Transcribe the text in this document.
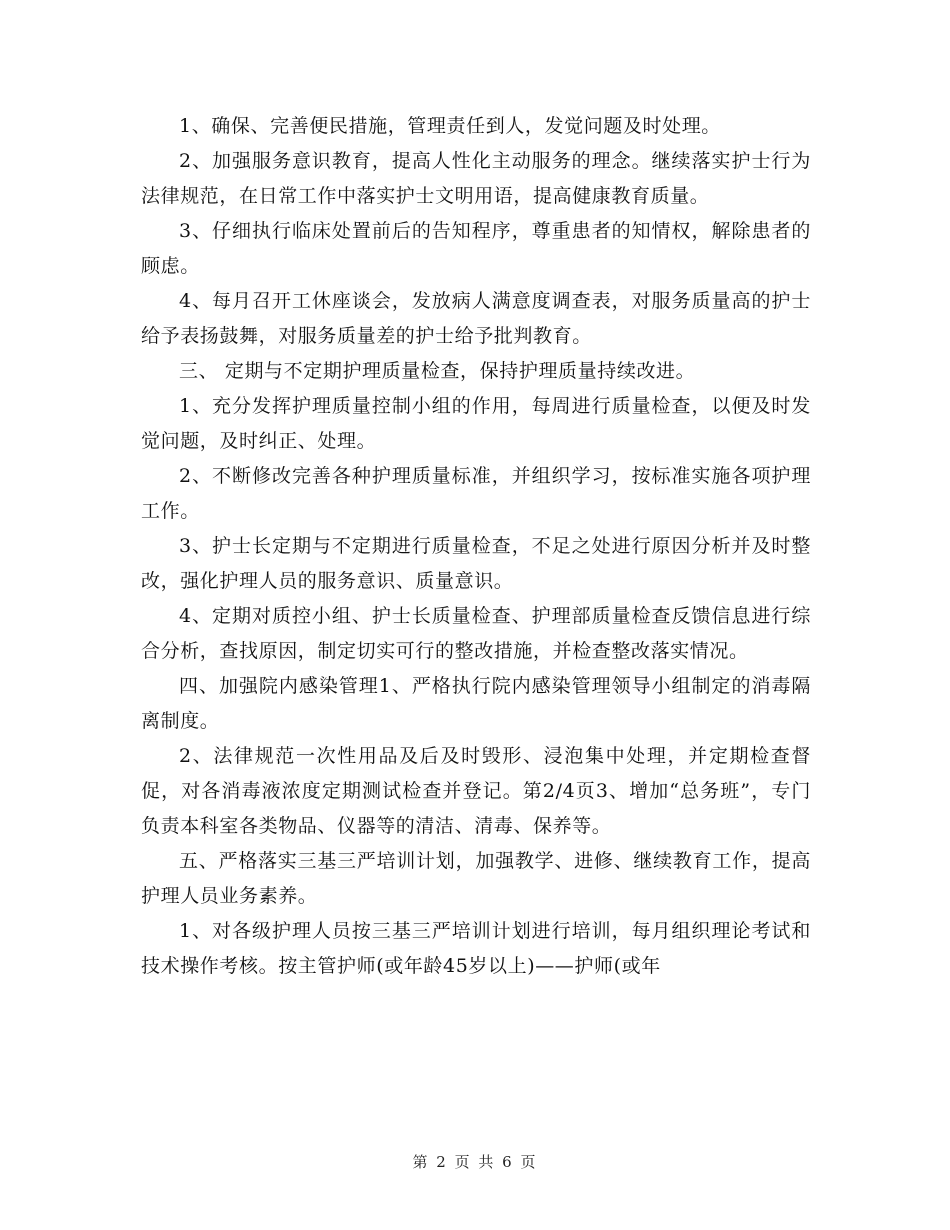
1、确保、完善便民措施，管理责任到人，发觉问题及时处理。

2、加强服务意识教育，提高人性化主动服务的理念。继续落实护士行为法律规范，在日常工作中落实护士文明用语，提高健康教育质量。

3、仔细执行临床处置前后的告知程序，尊重患者的知情权，解除患者的顾虑。

4、每月召开工休座谈会，发放病人满意度调查表，对服务质量高的护士给予表扬鼓舞，对服务质量差的护士给予批判教育。

三、 定期与不定期护理质量检查，保持护理质量持续改进。

1、充分发挥护理质量控制小组的作用，每周进行质量检查，以便及时发觉问题，及时纠正、处理。

2、不断修改完善各种护理质量标准，并组织学习，按标准实施各项护理工作。

3、护士长定期与不定期进行质量检查，不足之处进行原因分析并及时整改，强化护理人员的服务意识、质量意识。

4、定期对质控小组、护士长质量检查、护理部质量检查反馈信息进行综合分析，查找原因，制定切实可行的整改措施，并检查整改落实情况。

四、加强院内感染管理1、严格执行院内感染管理领导小组制定的消毒隔离制度。

2、法律规范一次性用品及后及时毁形、浸泡集中处理，并定期检查督促，对各消毒液浓度定期测试检查并登记。第2/4页3、增加“总务班”，专门负责本科室各类物品、仪器等的清洁、清毒、保养等。

五、严格落实三基三严培训计划，加强教学、进修、继续教育工作，提高护理人员业务素养。

1、对各级护理人员按三基三严培训计划进行培训，每月组织理论考试和技术操作考核。按主管护师(或年龄45岁以上)——护师(或年

第 2 页 共 6 页
